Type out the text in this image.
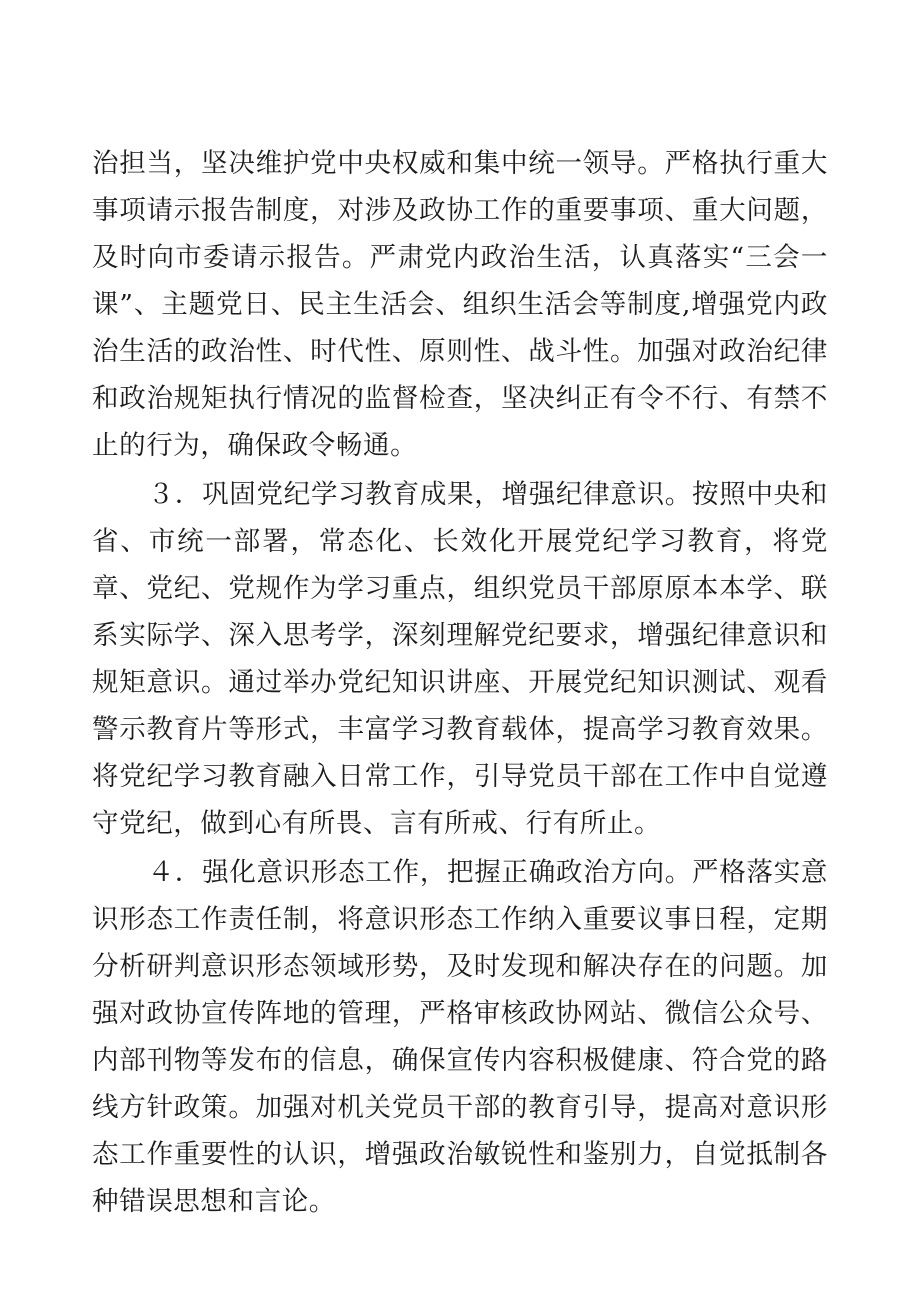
治担当，坚决维护党中央权威和集中统一领导。严格执行重大事项请示报告制度，对涉及政协工作的重要事项、重大问题，及时向市委请示报告。严肃党内政治生活，认真落实“三会一课”、主题党日、民主生活会、组织生活会等制度,增强党内政治生活的政治性、时代性、原则性、战斗性。加强对政治纪律和政治规矩执行情况的监督检查，坚决纠正有令不行、有禁不止的行为，确保政令畅通。

３．巩固党纪学习教育成果，增强纪律意识。按照中央和省、市统一部署，常态化、长效化开展党纪学习教育，将党章、党纪、党规作为学习重点，组织党员干部原原本本学、联系实际学、深入思考学，深刻理解党纪要求，增强纪律意识和规矩意识。通过举办党纪知识讲座、开展党纪知识测试、观看警示教育片等形式，丰富学习教育载体，提高学习教育效果。将党纪学习教育融入日常工作，引导党员干部在工作中自觉遵守党纪，做到心有所畏、言有所戒、行有所止。

４．强化意识形态工作，把握正确政治方向。严格落实意识形态工作责任制，将意识形态工作纳入重要议事日程，定期分析研判意识形态领域形势，及时发现和解决存在的问题。加强对政协宣传阵地的管理，严格审核政协网站、微信公众号、内部刊物等发布的信息，确保宣传内容积极健康、符合党的路线方针政策。加强对机关党员干部的教育引导，提高对意识形态工作重要性的认识，增强政治敏锐性和鉴别力，自觉抵制各种错误思想和言论。
